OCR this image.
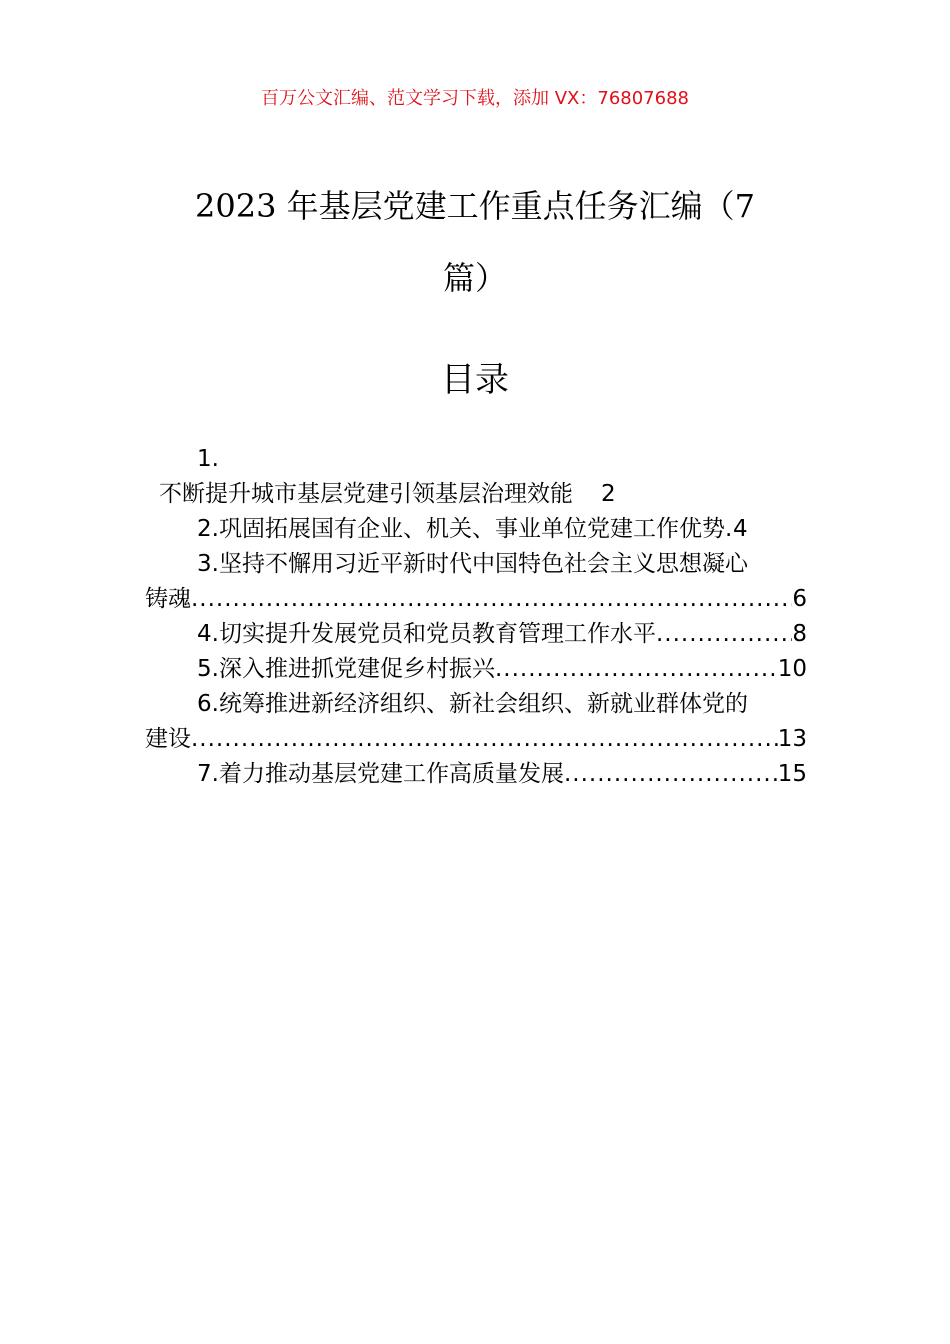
百万公文汇编、范文学习下载，添加 VX：76807688
2023 年基层党建工作重点任务汇编（7 篇）
目录
1.
不断提升城市基层党建引领基层治理效能 2
2.巩固拓展国有企业、机关、事业单位党建工作优势 ..... 4
3.坚持不懈用习近平新时代中国特色社会主义思想凝心
铸魂 .....	6
4.切实提升发展党员和党员教育管理工作水平 .....	8
5.深入推进抓党建促乡村振兴 .....	10
6.统筹推进新经济组织、新社会组织、新就业群体党的
建设 .....	13
7.着力推动基层党建工作高质量发展 .....	15
